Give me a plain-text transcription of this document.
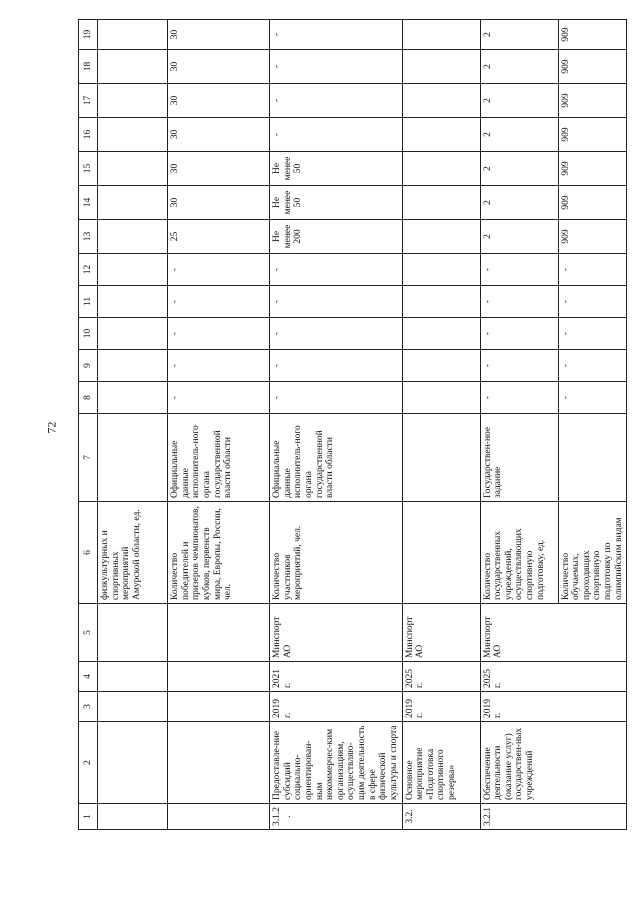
72
1	2	3	4	5	6	7	8	9	10	11	12	13	14	15	16	17	18	19
					физкультурных и спортивных мероприятий Амурской области, ед.													
					Количество победителей и призеров чемпионатов, кубков, первенств мира, Европы, России, чел.	Официальные данные исполнитель-ного органа государственной власти области	-	-	-	-	-	25	30	30	30	30	30	30
3.1.2.	Предоставле-ние субсидий социально-ориентирован-ным некоммерчес-ким организациям, осуществляю-щим деятельность в сфере физической культуры и спорта	2019 г.	2021 г.	Минспорт АО	Количество участников мероприятий, чел.	Официальные данные исполнитель-ного органа государственной власти области	-	-	-	-	-	Не менее 200	Не менее 50	Не менее 50	-	-	-	-
3.2.	Основное мероприятие «Подготовка спортивного резерва»	2019 г.	2025 г.	Минспорт АО														
3.2.1	Обеспечение деятельности (оказание услуг) государствен-ных учреждений	2019 г.	2025 г.	Минспорт АО	Количество государственных учреждений, осуществляющих спортивную подготовку, ед.	Государствен-ное задание	-	-	-	-	-	2	2	2	2	2	2	2
					Количество обучаемых, проходящих спортивную подготовку по олимпийским видам		-	-	-	-	-	909	909	909	909	909	909	909
